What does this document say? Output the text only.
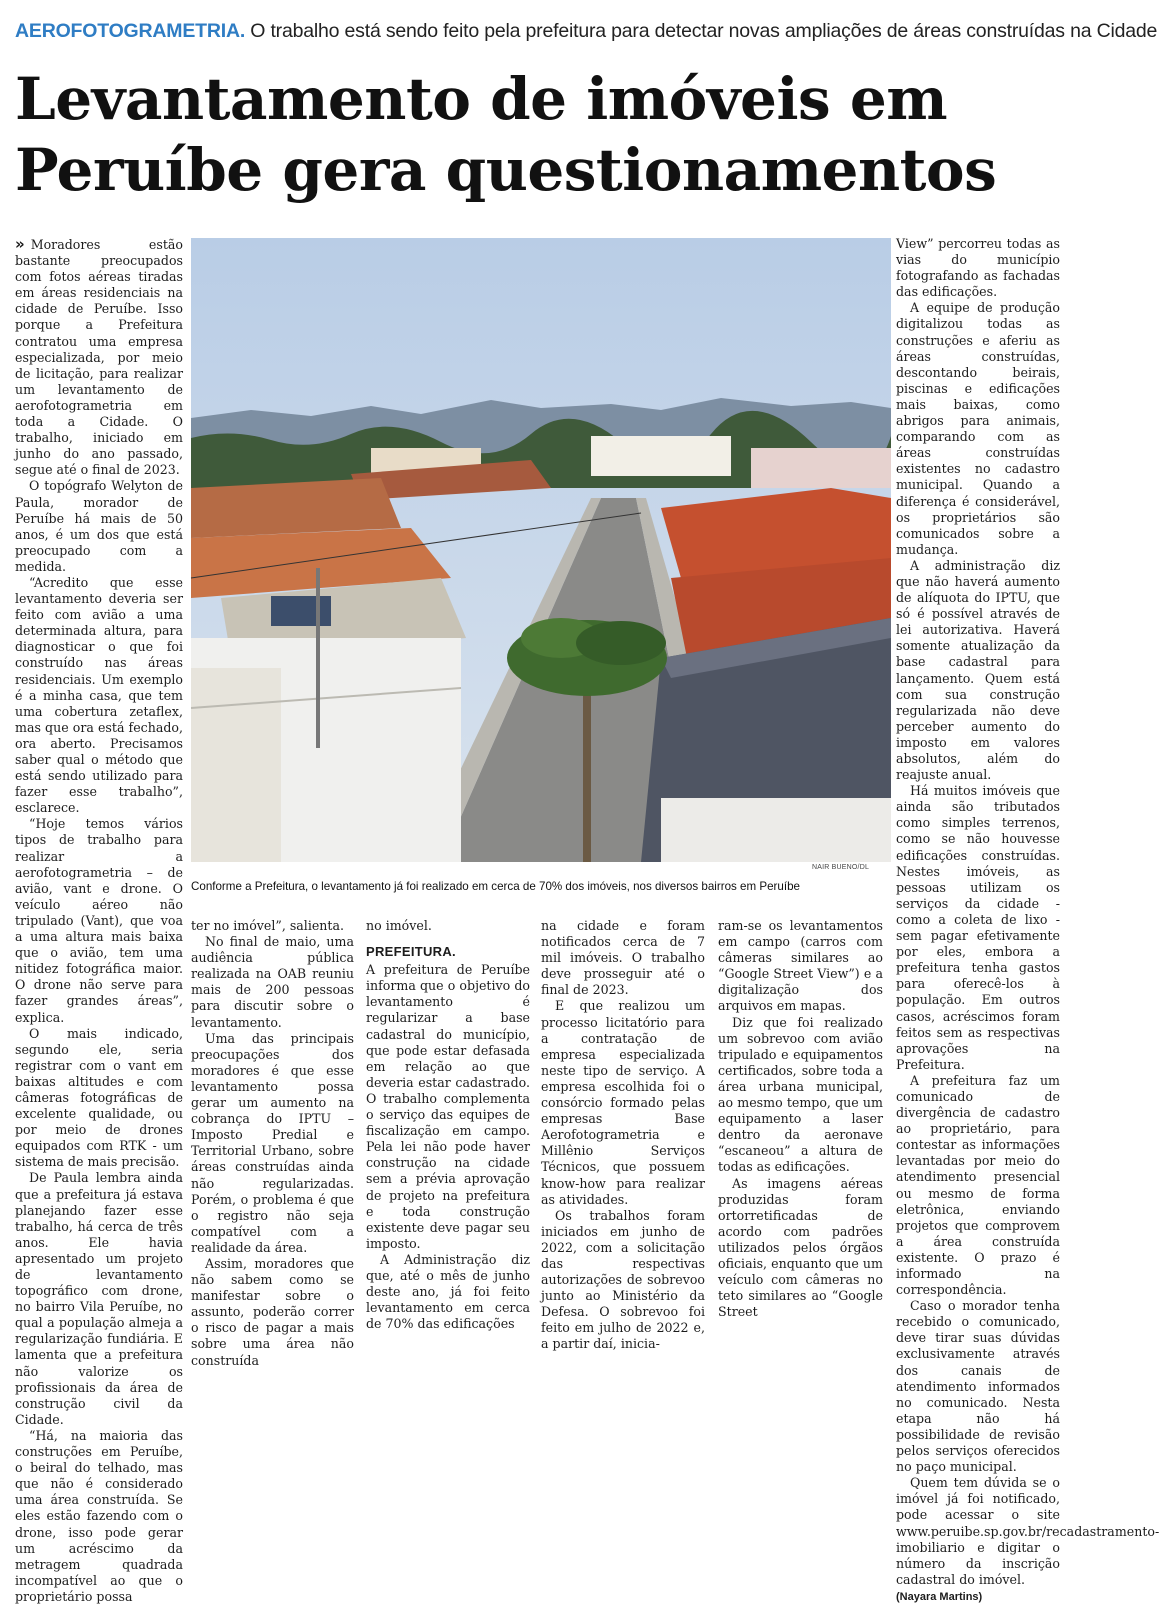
AEROFOTOGRAMETRIA. O trabalho está sendo feito pela prefeitura para detectar novas ampliações de áreas construídas na Cidade
Levantamento de imóveis em
Peruíbe gera questionamentos

» Moradores estão bastante preocupados com fotos aéreas tiradas em áreas residenciais na cidade de Peruíbe. Isso porque a Prefeitura contratou uma empresa especializada, por meio de licitação, para realizar um levantamento de aerofotogrametria em toda a Cidade. O trabalho, iniciado em junho do ano passado, segue até o final de 2023.

O topógrafo Welyton de Paula, morador de Peruíbe há mais de 50 anos, é um dos que está preocupado com a medida.

“Acredito que esse levantamento deveria ser feito com avião a uma determinada altura, para diagnosticar o que foi construído nas áreas residenciais. Um exemplo é a minha casa, que tem uma cobertura zetaflex, mas que ora está fechado, ora aberto. Precisamos saber qual o método que está sendo utilizado para fazer esse trabalho”, esclarece.

“Hoje temos vários tipos de trabalho para realizar a aerofotogrametria – de avião, vant e drone. O veículo aéreo não tripulado (Vant), que voa a uma altura mais baixa que o avião, tem uma nitidez fotográfica maior. O drone não serve para fazer grandes áreas”, explica.

O mais indicado, segundo ele, seria registrar com o vant em baixas altitudes e com câmeras fotográficas de excelente qualidade, ou por meio de drones equipados com RTK - um sistema de mais precisão.

De Paula lembra ainda que a prefeitura já estava planejando fazer esse trabalho, há cerca de três anos. Ele havia apresentado um projeto de levantamento topográfico com drone, no bairro Vila Peruíbe, no qual a população almeja a regularização fundiária. E lamenta que a prefeitura não valorize os profissionais da área de construção civil da Cidade.

“Há, na maioria das construções em Peruíbe, o beiral do telhado, mas que não é considerado uma área construída. Se eles estão fazendo com o drone, isso pode gerar um acréscimo da metragem quadrada incompatível ao que o proprietário possa

NAIR BUENO/DL
Conforme a Prefeitura, o levantamento já foi realizado em cerca de 70% dos imóveis, nos diversos bairros em Peruíbe

ter no imóvel”, salienta.

No final de maio, uma audiência pública realizada na OAB reuniu mais de 200 pessoas para discutir sobre o levantamento.

Uma das principais preocupações dos moradores é que esse levantamento possa gerar um aumento na cobrança do IPTU – Imposto Predial e Territorial Urbano, sobre áreas construídas ainda não regularizadas. Porém, o problema é que o registro não seja compatível com a realidade da área.

Assim, moradores que não sabem como se manifestar sobre o assunto, poderão correr o risco de pagar a mais sobre uma área não construída

no imóvel.

PREFEITURA.

A prefeitura de Peruíbe informa que o objetivo do levantamento é regularizar a base cadastral do município, que pode estar defasada em relação ao que deveria estar cadastrado. O trabalho complementa o serviço das equipes de fiscalização em campo. Pela lei não pode haver construção na cidade sem a prévia aprovação de projeto na prefeitura e toda construção existente deve pagar seu imposto.

A Administração diz que, até o mês de junho deste ano, já foi feito levantamento em cerca de 70% das edificações

na cidade e foram notificados cerca de 7 mil imóveis. O trabalho deve prosseguir até o final de 2023.

E que realizou um processo licitatório para a contratação de empresa especializada neste tipo de serviço. A empresa escolhida foi o consórcio formado pelas empresas Base Aerofotogrametria e Millênio Serviços Técnicos, que possuem know-how para realizar as atividades.

Os trabalhos foram iniciados em junho de 2022, com a solicitação das respectivas autorizações de sobrevoo junto ao Ministério da Defesa. O sobrevoo foi feito em julho de 2022 e, a partir daí, inicia-

ram-se os levantamentos em campo (carros com câmeras similares ao “Google Street View”) e a digitalização dos arquivos em mapas.

Diz que foi realizado um sobrevoo com avião tripulado e equipamentos certificados, sobre toda a área urbana municipal, ao mesmo tempo, que um equipamento a laser dentro da aeronave “escaneou” a altura de todas as edificações.

As imagens aéreas produzidas foram ortorretificadas de acordo com padrões utilizados pelos órgãos oficiais, enquanto que um veículo com câmeras no teto similares ao “Google Street

View” percorreu todas as vias do município fotografando as fachadas das edificações.

A equipe de produção digitalizou todas as construções e aferiu as áreas construídas, descontando beirais, piscinas e edificações mais baixas, como abrigos para animais, comparando com as áreas construídas existentes no cadastro municipal. Quando a diferença é considerável, os proprietários são comunicados sobre a mudança.

A administração diz que não haverá aumento de alíquota do IPTU, que só é possível através de lei autorizativa. Haverá somente atualização da base cadastral para lançamento. Quem está com sua construção regularizada não deve perceber aumento do imposto em valores absolutos, além do reajuste anual.

Há muitos imóveis que ainda são tributados como simples terrenos, como se não houvesse edificações construídas. Nestes imóveis, as pessoas utilizam os serviços da cidade - como a coleta de lixo - sem pagar efetivamente por eles, embora a prefeitura tenha gastos para oferecê-los à população. Em outros casos, acréscimos foram feitos sem as respectivas aprovações na Prefeitura.

A prefeitura faz um comunicado de divergência de cadastro ao proprietário, para contestar as informações levantadas por meio do atendimento presencial ou mesmo de forma eletrônica, enviando projetos que comprovem a área construída existente. O prazo é informado na correspondência.

Caso o morador tenha recebido o comunicado, deve tirar suas dúvidas exclusivamente através dos canais de atendimento informados no comunicado. Nesta etapa não há possibilidade de revisão pelos serviços oferecidos no paço municipal.

Quem tem dúvida se o imóvel já foi notificado, pode acessar o site www.peruibe.sp.gov.br/recadastramento-imobiliario e digitar o número da inscrição cadastral do imóvel.

(Nayara Martins)
